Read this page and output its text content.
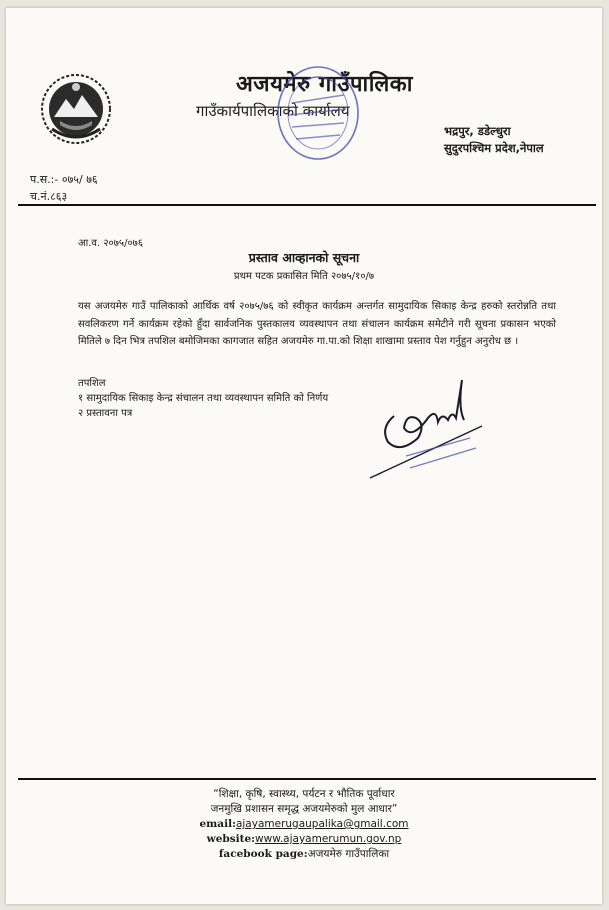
अजयमेरु गाउँपालिका
गाउँकार्यपालिकाको कार्यालय
भद्रपुर, डडेल्धुरा
सुदुरपश्चिम प्रदेश,नेपाल
प.स.:- ०७५/ ७६
च.नं.८६३
आ.व. २०७५/०७६
प्रस्ताव आव्हानको सूचना
प्रथम पटक प्रकासित मिति २०७५/१०/७
यस अजयमेरु गाउँ पालिकाको आर्थिक वर्ष २०७५/७६ को स्वीकृत कार्यक्रम अन्तर्गत सामुदायिक सिकाइ केन्द्र हरुको स्तरोन्नति तथा सवलिकरण गर्ने कार्यक्रम रहेको हुँदा सार्वजनिक पुस्तकालय व्यवस्थापन तथा संचालन कार्यक्रम समेटीने गरी सूचना प्रकासन भएको मितिले ७ दिन भित्र तपशिल बमोजिमका कागजात सहित अजयमेरु गा.पा.को शिक्षा शाखामा प्रस्ताव पेश गर्नुहुन अनुरोध छ ।
तपशिल
१ सामुदायिक सिकाइ केन्द्र संचालन तथा व्यवस्थापन समिति को निर्णय
२ प्रस्तावना पत्र
“शिक्षा, कृषि, स्वास्थ्य, पर्यटन र भौतिक पूर्वाधार
जनमुखि प्रशासन समृद्ध अजयमेरुको मुल आधार”
email:ajayamerugaupalika@gmail.com
website:www.ajayamerumun.gov.np
facebook page:अजयमेरु गाउँपालिका
